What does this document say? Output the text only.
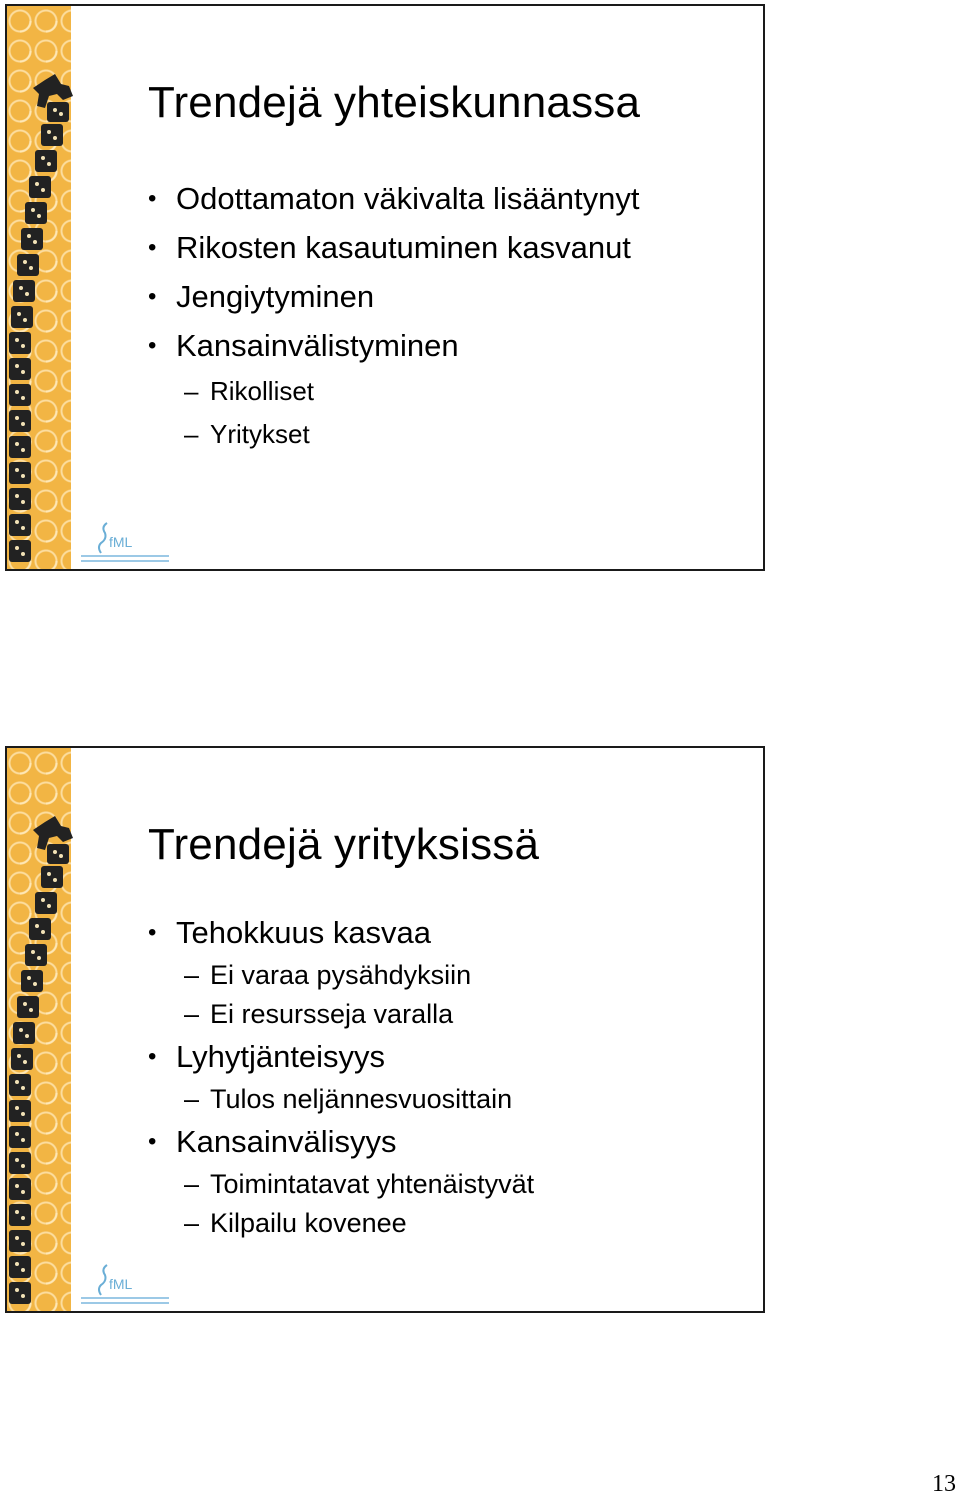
Trendejä yhteiskunnassa
• Odottamaton väkivalta lisääntynyt
• Rikosten kasautuminen kasvanut
• Jengiytyminen
• Kansainvälistyminen
– Rikolliset
– Yritykset
fML
Trendejä yrityksissä
• Tehokkuus kasvaa
– Ei varaa pysähdyksiin
– Ei resursseja varalla
• Lyhytjänteisyys
– Tulos neljännesvuosittain
• Kansainvälisyys
– Toimintatavat yhtenäistyvät
– Kilpailu kovenee
fML
13
